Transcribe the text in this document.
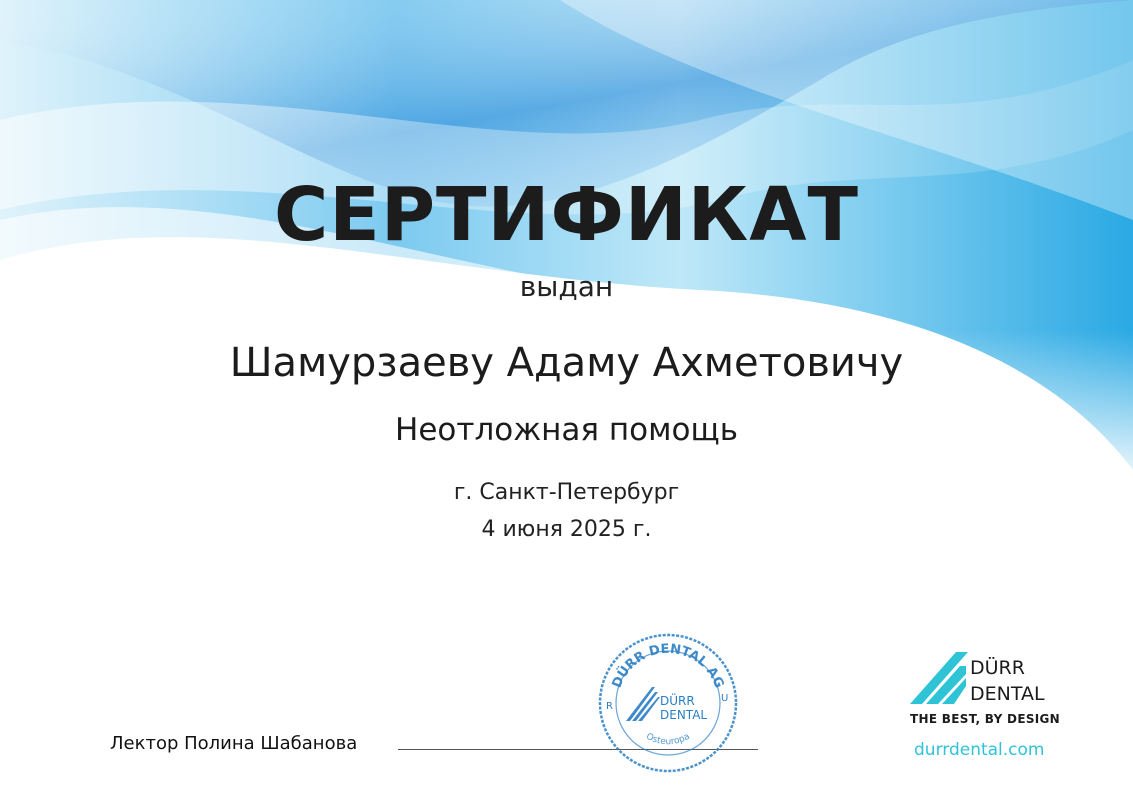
СЕРТИФИКАТ
выдан
Шамурзаеву Адаму Ахметовичу
Неотложная помощь
г. Санкт-Петербург
4 июня 2025 г.
Лектор Полина Шабанова
DÜRR DENTAL AG
Osteuropa
R
U
DÜRR
DENTAL
DÜRR
DENTAL
THE BEST, BY DESIGN
durrdental.com
